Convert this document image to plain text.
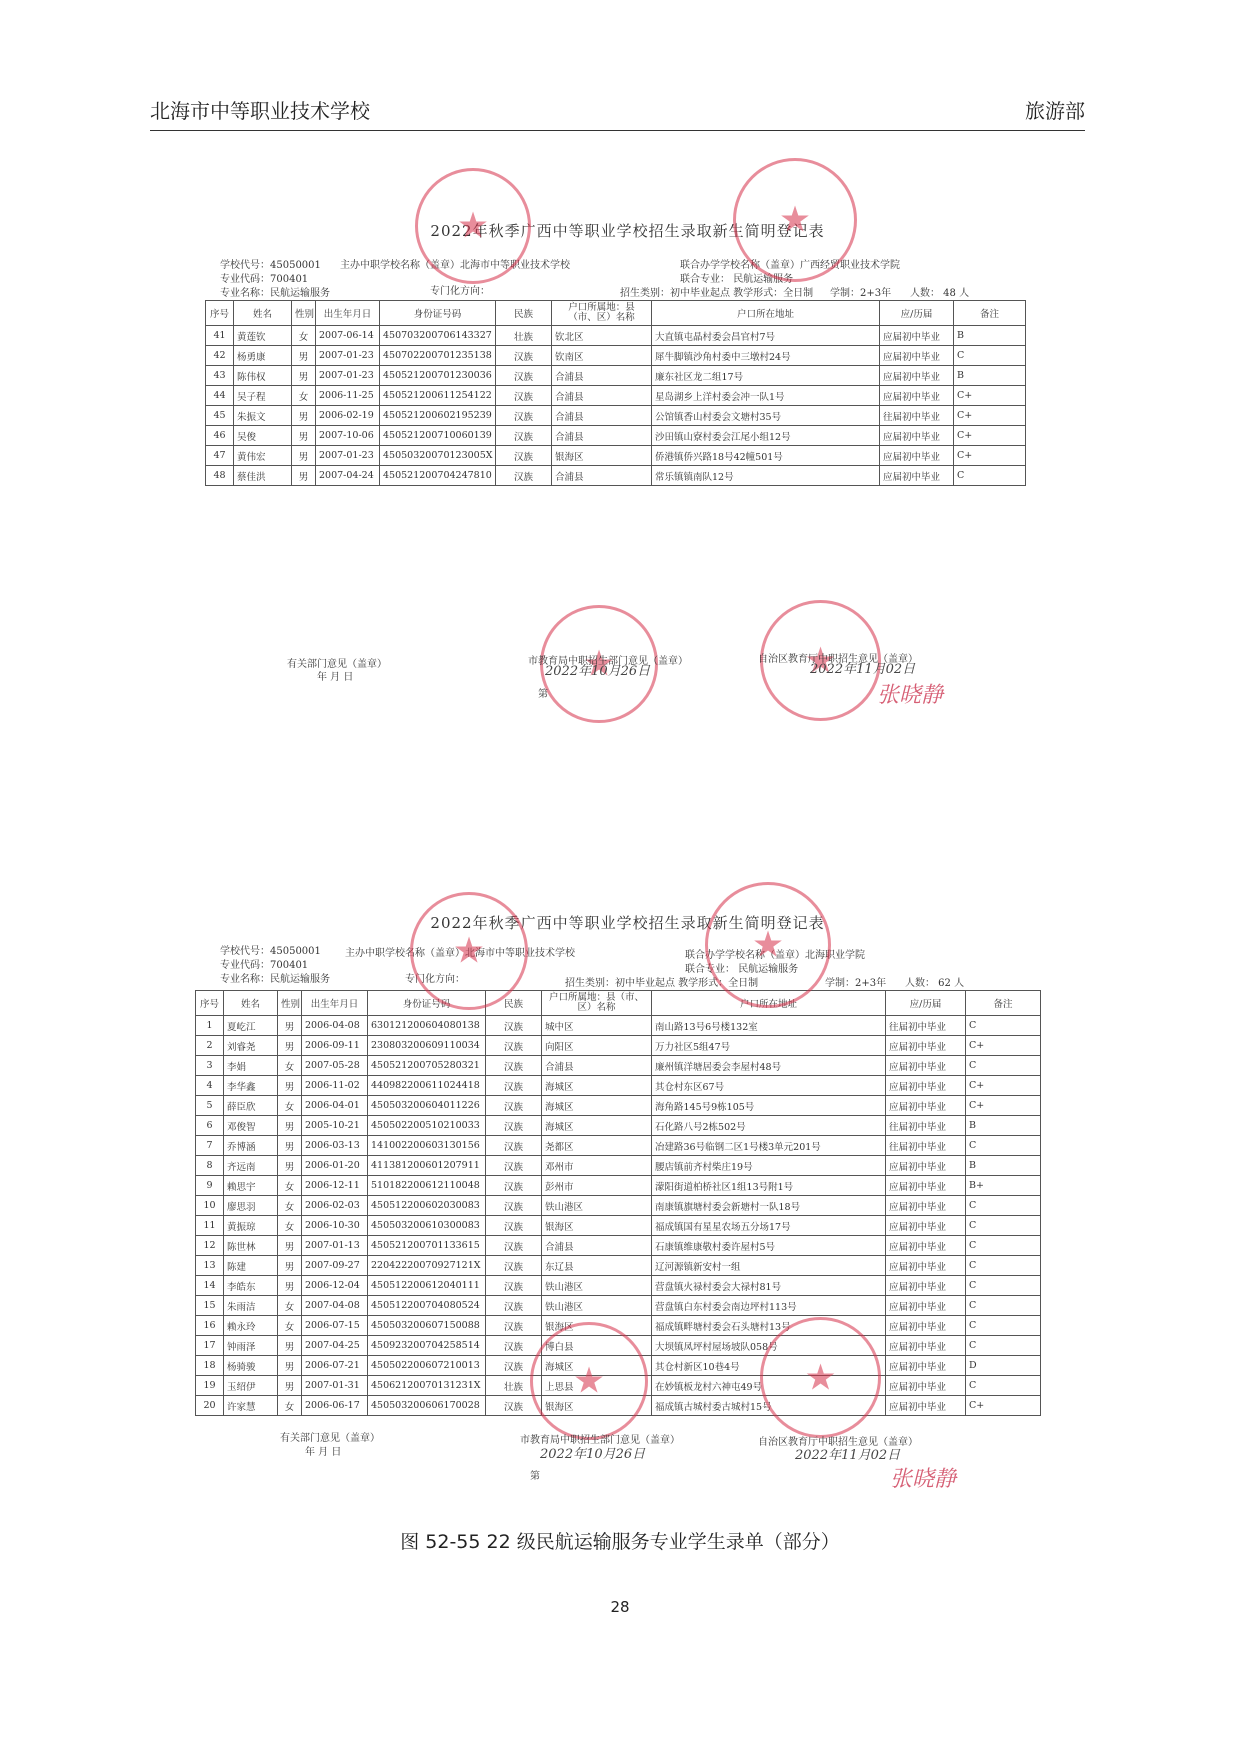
北海市中等职业技术学校	旅游部
2022年秋季广西中等职业学校招生录取新生简明登记表
学校代号：45050001
专业代码：700401
专业名称：民航运输服务
主办中职学校名称（盖章）北海市中等职业技术学校
专门化方向：
联合办学学校名称（盖章）广西经贸职业技术学院
联合专业： 民航运输服务
招生类别：初中毕业起点 教学形式：全日制 学制：2+3年 人数： 48 人
序号	姓名	性别	出生年月日	身份证号码	民族	户口所属地：县（市、区）名称	户口所在地址	应/历届	备注
41	黄莲钦	女	2007-06-14	450703200706143327	壮族	钦北区	大直镇屯晶村委会昌官村7号	应届初中毕业	B
42	杨勇康	男	2007-01-23	450702200701235138	汉族	钦南区	犀牛脚镇沙角村委中三墩村24号	应届初中毕业	C
43	陈伟权	男	2007-01-23	450521200701230036	汉族	合浦县	廉东社区龙二组17号	应届初中毕业	B
44	吴子程	女	2006-11-25	450521200611254122	汉族	合浦县	星岛湖乡上洋村委会冲一队1号	应届初中毕业	C+
45	朱振文	男	2006-02-19	450521200602195239	汉族	合浦县	公馆镇香山村委会文塘村35号	往届初中毕业	C+
46	吴俊	男	2007-10-06	450521200710060139	汉族	合浦县	沙田镇山寮村委会江尾小组12号	应届初中毕业	C+
47	黄伟宏	男	2007-01-23	45050320070123005X	汉族	银海区	侨港镇侨兴路18号42幢501号	应届初中毕业	C+
48	蔡佳洪	男	2007-04-24	450521200704247810	汉族	合浦县	常乐镇镇南队12号	应届初中毕业	C
★
★
★
★
有关部门意见（盖章）
年 月 日
市教育局中职招生部门意见（盖章）	自治区教育厅中职招生意见（盖章）
2022年10月26日	2022年11月02日
第	张晓静
2022年秋季广西中等职业学校招生录取新生简明登记表
学校代号：45050001
专业代码：700401
专业名称：民航运输服务
主办中职学校名称（盖章）北海市中等职业技术学校
专门化方向：
联合办学学校名称（盖章）北海职业学院
联合专业： 民航运输服务
招生类别：初中毕业起点 教学形式：全日制	学制：2+3年 人数： 62 人
序号	姓名	性别	出生年月日	身份证号码	民族	户口所属地：县（市、区）名称	户口所在地址	应/历届	备注
1	夏屹江	男	2006-04-08	630121200604080138	汉族	城中区	南山路13号6号楼132室	往届初中毕业	C
2	刘睿尧	男	2006-09-11	230803200609110034	汉族	向阳区	万力社区5组47号	应届初中毕业	C+
3	李娟	女	2007-05-28	450521200705280321	汉族	合浦县	廉州镇洋塘居委会李屋村48号	应届初中毕业	C
4	李华鑫	男	2006-11-02	440982200611024418	汉族	海城区	其仓村东区67号	应届初中毕业	C+
5	薛臣欣	女	2006-04-01	450503200604011226	汉族	海城区	海角路145号9栋105号	应届初中毕业	C+
6	邓俊智	男	2005-10-21	450502200510210033	汉族	海城区	石化路八号2栋502号	往届初中毕业	B
7	乔博涵	男	2006-03-13	141002200603130156	汉族	尧都区	冶建路36号临钢二区1号楼3单元201号	往届初中毕业	C
8	齐远南	男	2006-01-20	411381200601207911	汉族	邓州市	腰店镇前齐村柴庄19号	应届初中毕业	B
9	赖思宇	女	2006-12-11	510182200612110048	汉族	彭州市	濛阳街道柏桥社区1组13号附1号	应届初中毕业	B+
10	廖思羽	女	2006-02-03	450512200602030083	汉族	铁山港区	南康镇旗塘村委会新塘村一队18号	应届初中毕业	C
11	黄振琼	女	2006-10-30	450503200610300083	汉族	银海区	福成镇国有星星农场五分场17号	应届初中毕业	C
12	陈世林	男	2007-01-13	450521200701133615	汉族	合浦县	石康镇维康敬村委许屋村5号	应届初中毕业	C
13	陈建	男	2007-09-27	22042220070927121X	汉族	东辽县	辽河源镇新安村一组	应届初中毕业	C
14	李皓东	男	2006-12-04	450512200612040111	汉族	铁山港区	营盘镇火禄村委会大禄村81号	应届初中毕业	C
15	朱雨洁	女	2007-04-08	450512200704080524	汉族	铁山港区	营盘镇白东村委会南边坪村113号	应届初中毕业	C
16	赖永玲	女	2006-07-15	450503200607150088	汉族	银海区	福成镇畔塘村委会石头塘村13号	应届初中毕业	C
17	钟雨泽	男	2007-04-25	450923200704258514	汉族	博白县	大坝镇凤坪村屋场坡队058号	应届初中毕业	C
18	杨骑骏	男	2006-07-21	450502200607210013	汉族	海城区	其仓村新区10巷4号	应届初中毕业	D
19	玉绍伊	男	2007-01-31	45062120070131231X	壮族	上思县	在妙镇板龙村六神屯49号	应届初中毕业	C
20	许家慧	女	2006-06-17	450503200606170028	汉族	银海区	福成镇古城村委古城村15号	应届初中毕业	C+
★
★
★
★
有关部门意见（盖章）
年 月 日
市教育局中职招生部门意见（盖章）	自治区教育厅中职招生意见（盖章）
2022年10月26日	2022年11月02日
第	张晓静
图 52-55 22 级民航运输服务专业学生录单（部分）
28
